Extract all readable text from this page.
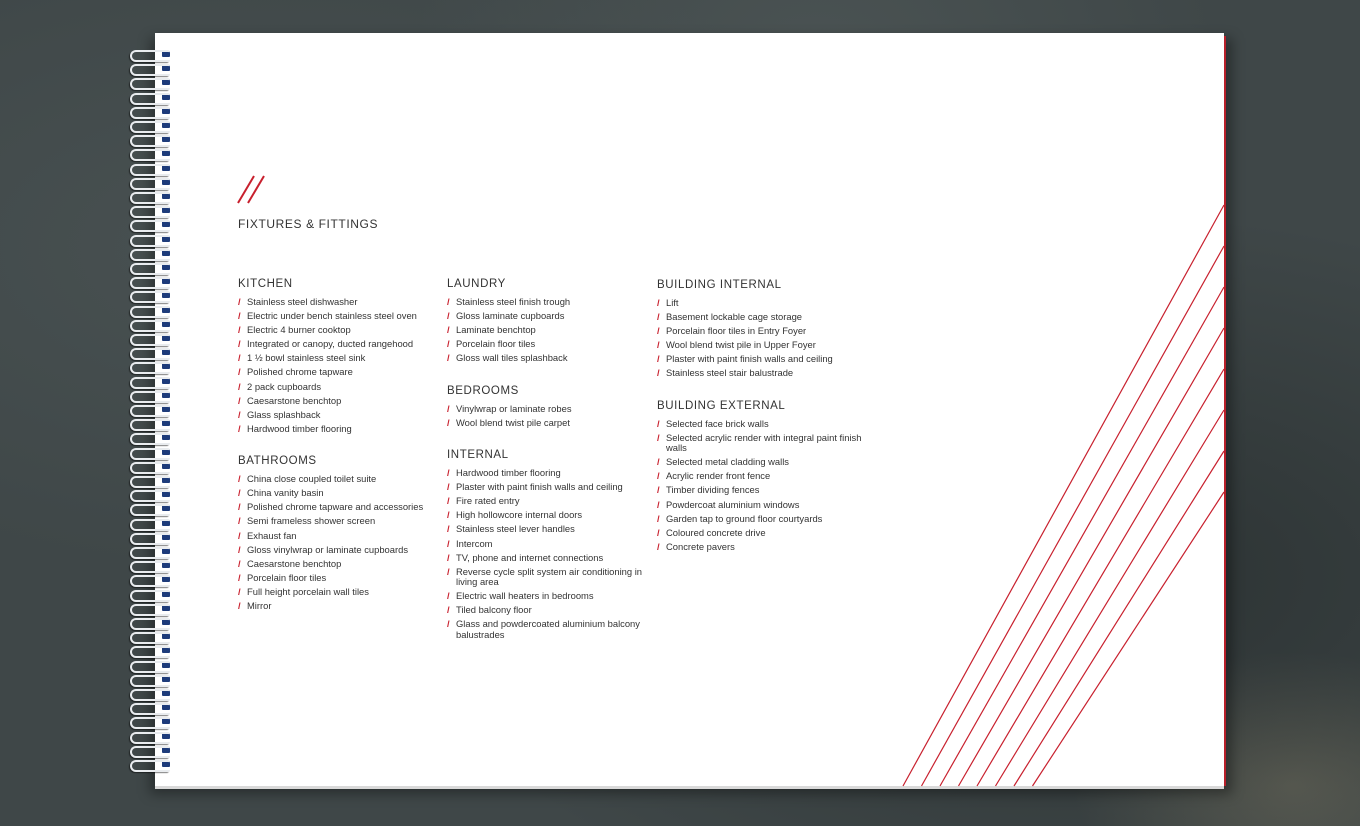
FIXTURES & FITTINGS
KITCHEN
/ Stainless steel dishwasher
/ Electric under bench stainless steel oven
/ Electric 4 burner cooktop
/ Integrated or canopy, ducted rangehood
/ 1 ½ bowl stainless steel sink
/ Polished chrome tapware
/ 2 pack cupboards
/ Caesarstone benchtop
/ Glass splashback
/ Hardwood timber flooring
BATHROOMS
/ China close coupled toilet suite
/ China vanity basin
/ Polished chrome tapware and accessories
/ Semi frameless shower screen
/ Exhaust fan
/ Gloss vinylwrap or laminate cupboards
/ Caesarstone benchtop
/ Porcelain floor tiles
/ Full height porcelain wall tiles
/ Mirror
LAUNDRY
/ Stainless steel finish trough
/ Gloss laminate cupboards
/ Laminate benchtop
/ Porcelain floor tiles
/ Gloss wall tiles splashback
BEDROOMS
/ Vinylwrap or laminate robes
/ Wool blend twist pile carpet
INTERNAL
/ Hardwood timber flooring
/ Plaster with paint finish walls and ceiling
/ Fire rated entry
/ High hollowcore internal doors
/ Stainless steel lever handles
/ Intercom
/ TV, phone and internet connections
/ Reverse cycle split system air conditioning in living area
/ Electric wall heaters in bedrooms
/ Tiled balcony floor
/ Glass and powdercoated aluminium balcony balustrades
BUILDING INTERNAL
/ Lift
/ Basement lockable cage storage
/ Porcelain floor tiles in Entry Foyer
/ Wool blend twist pile in Upper Foyer
/ Plaster with paint finish walls and ceiling
/ Stainless steel stair balustrade
BUILDING EXTERNAL
/ Selected face brick walls
/ Selected acrylic render with integral paint finish walls
/ Selected metal cladding walls
/ Acrylic render front fence
/ Timber dividing fences
/ Powdercoat aluminium windows
/ Garden tap to ground floor courtyards
/ Coloured concrete drive
/ Concrete pavers
